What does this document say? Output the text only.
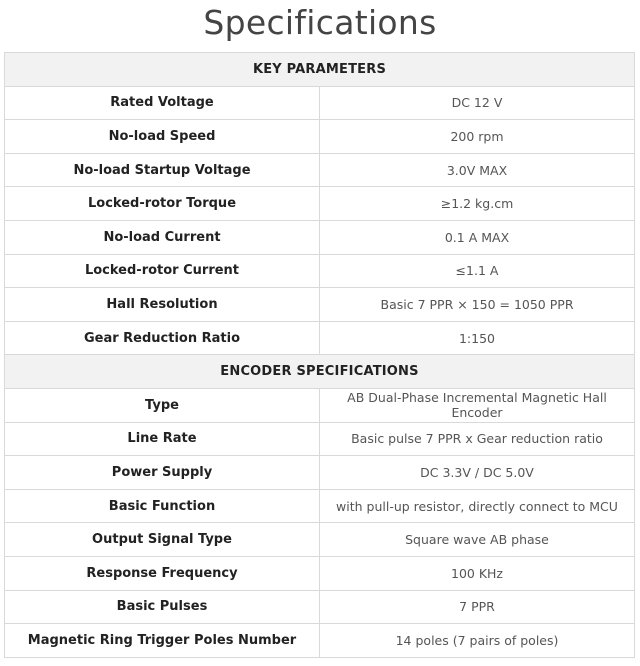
Specifications
KEY PARAMETERS	
Rated Voltage	DC 12 V
No-load Speed	200 rpm
No-load Startup Voltage	3.0V MAX
Locked-rotor Torque	≥1.2 kg.cm
No-load Current	0.1 A MAX
Locked-rotor Current	≤1.1 A
Hall Resolution	Basic 7 PPR × 150 = 1050 PPR
Gear Reduction Ratio	1:150
ENCODER SPECIFICATIONS	
Type	AB Dual-Phase Incremental Magnetic Hall Encoder
Line Rate	Basic pulse 7 PPR x Gear reduction ratio
Power Supply	DC 3.3V / DC 5.0V
Basic Function	with pull-up resistor, directly connect to MCU
Output Signal Type	Square wave AB phase
Response Frequency	100 KHz
Basic Pulses	7 PPR
Magnetic Ring Trigger Poles Number	14 poles (7 pairs of poles)
